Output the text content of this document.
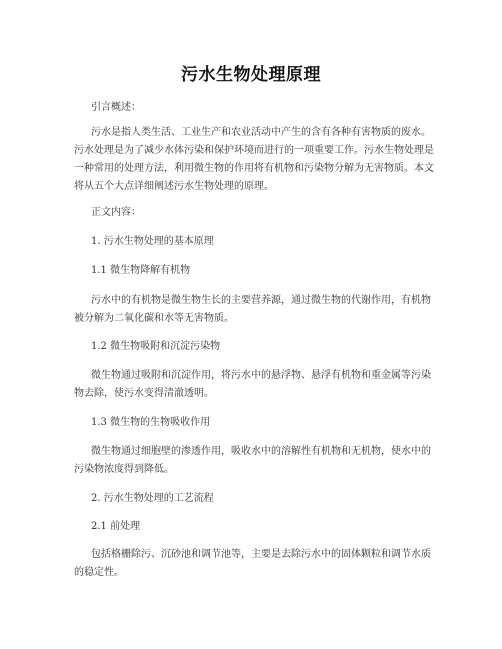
污水生物处理原理
引言概述：
污水是指人类生活、工业生产和农业活动中产生的含有各种有害物质的废水。
污水处理是为了减少水体污染和保护环境而进行的一项重要工作。污水生物处理是
一种常用的处理方法，利用微生物的作用将有机物和污染物分解为无害物质。本文
将从五个大点详细阐述污水生物处理的原理。
正文内容：
1. 污水生物处理的基本原理
1.1 微生物降解有机物
污水中的有机物是微生物生长的主要营养源，通过微生物的代谢作用，有机物
被分解为二氧化碳和水等无害物质。
1.2 微生物吸附和沉淀污染物
微生物通过吸附和沉淀作用，将污水中的悬浮物、悬浮有机物和重金属等污染
物去除，使污水变得清澈透明。
1.3 微生物的生物吸收作用
微生物通过细胞壁的渗透作用，吸收水中的溶解性有机物和无机物，使水中的
污染物浓度得到降低。
2. 污水生物处理的工艺流程
2.1 前处理
包括格栅除污、沉砂池和调节池等，主要是去除污水中的固体颗粒和调节水质
的稳定性。
